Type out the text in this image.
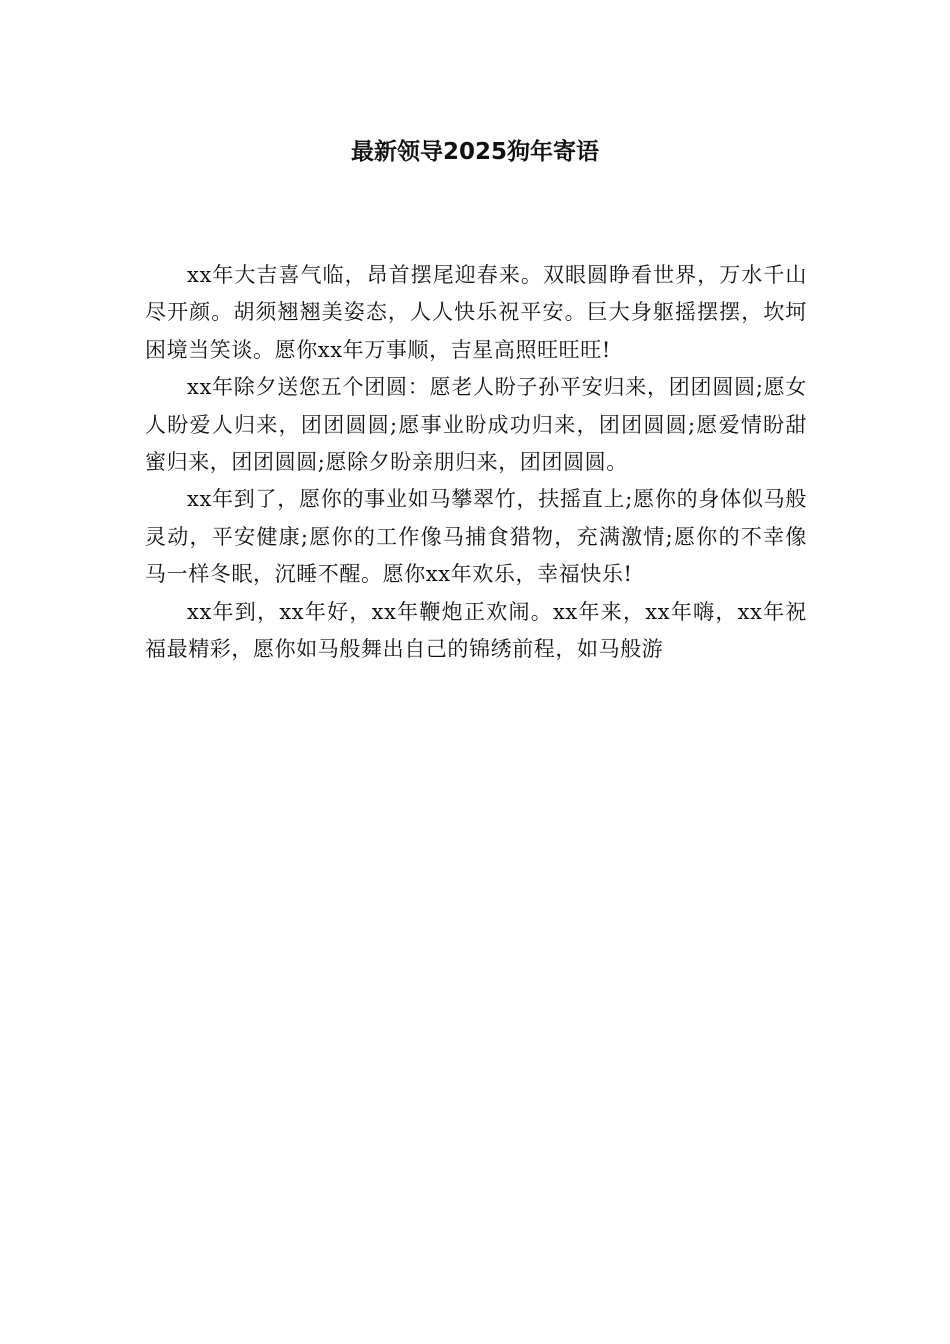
最新领导2025狗年寄语

xx年大吉喜气临，昂首摆尾迎春来。双眼圆睁看世界，万水千山尽开颜。胡须翘翘美姿态，人人快乐祝平安。巨大身躯摇摆摆，坎坷困境当笑谈。愿你xx年万事顺，吉星高照旺旺旺!

xx年除夕送您五个团圆：愿老人盼子孙平安归来，团团圆圆;愿女人盼爱人归来，团团圆圆;愿事业盼成功归来，团团圆圆;愿爱情盼甜蜜归来，团团圆圆;愿除夕盼亲朋归来，团团圆圆。

xx年到了，愿你的事业如马攀翠竹，扶摇直上;愿你的身体似马般灵动，平安健康;愿你的工作像马捕食猎物，充满激情;愿你的不幸像马一样冬眠，沉睡不醒。愿你xx年欢乐，幸福快乐!

xx年到，xx年好，xx年鞭炮正欢闹。xx年来，xx年嗨，xx年祝福最精彩，愿你如马般舞出自己的锦绣前程，如马般游
